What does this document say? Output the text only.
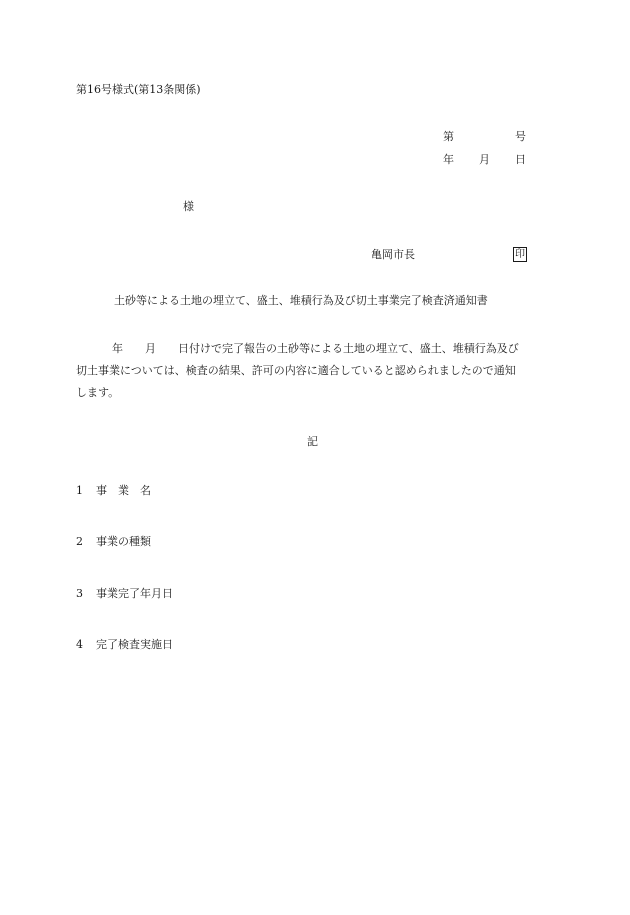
第16号様式(第13条関係)
第	号
年 月 日
様
亀岡市長	印
土砂等による土地の埋立て、盛土、堆積行為及び切土事業完了検査済通知書

年　　月　　日付けで完了報告の土砂等による土地の埋立て、盛土、堆積行為及び

切土事業については、検査の結果、許可の内容に適合していると認められましたので通知

します。

記
1 事　業　名
2 事業の種類
3 事業完了年月日
4 完了検査実施日
